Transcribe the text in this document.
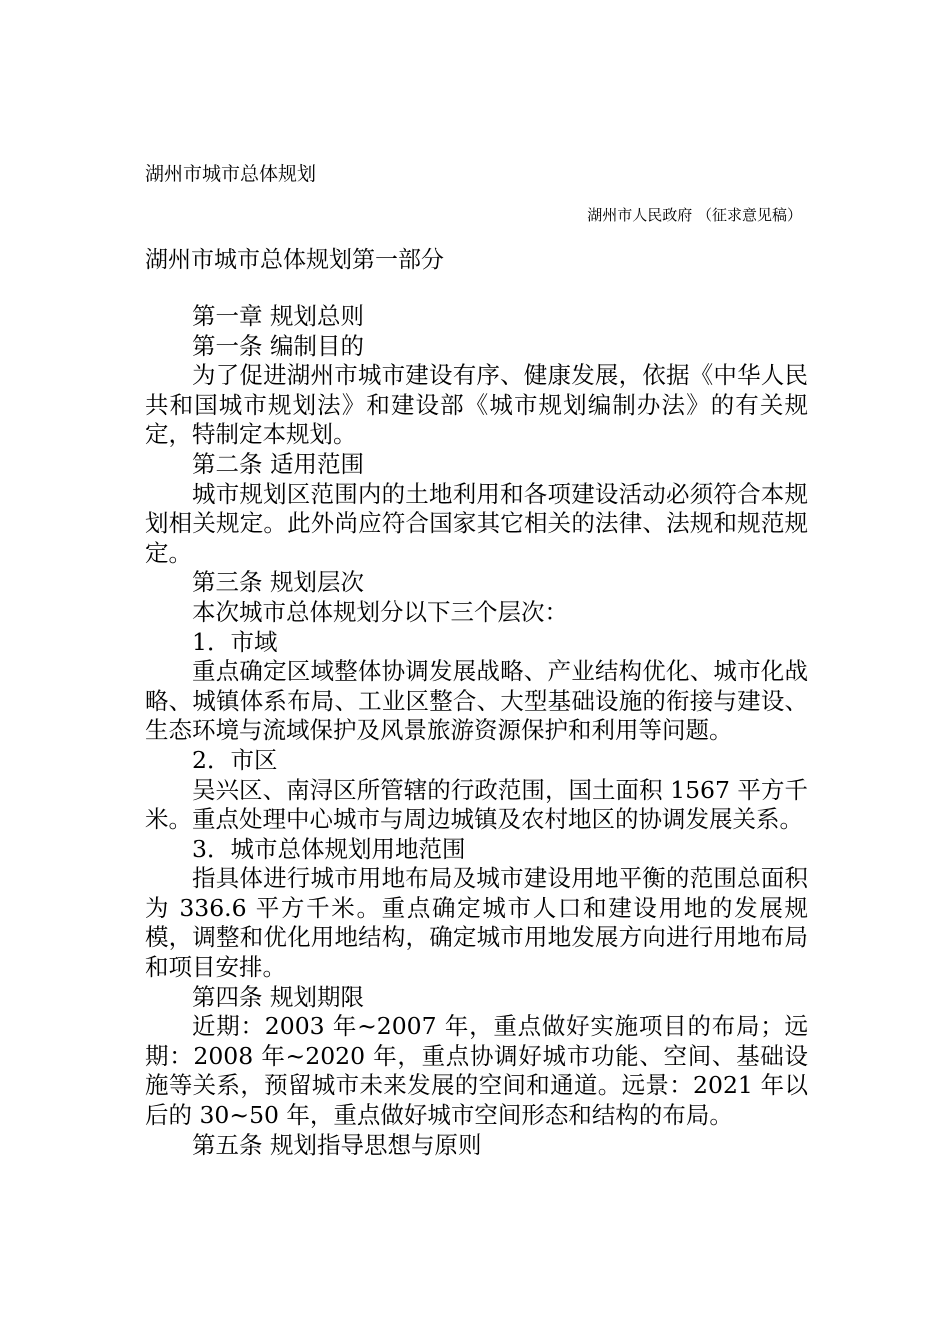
湖州市城市总体规划
湖州市人民政府 （征求意见稿）
湖州市城市总体规划第一部分

第一章 规划总则

第一条 编制目的

为了促进湖州市城市建设有序、健康发展，依据《中华人民共和国城市规划法》和建设部《城市规划编制办法》的有关规定，特制定本规划。

第二条 适用范围

城市规划区范围内的土地利用和各项建设活动必须符合本规划相关规定。此外尚应符合国家其它相关的法律、法规和规范规定。

第三条 规划层次

本次城市总体规划分以下三个层次：

1．市域

重点确定区域整体协调发展战略、产业结构优化、城市化战略、城镇体系布局、工业区整合、大型基础设施的衔接与建设、生态环境与流域保护及风景旅游资源保护和利用等问题。

2．市区

吴兴区、南浔区所管辖的行政范围，国土面积 1567 平方千米。重点处理中心城市与周边城镇及农村地区的协调发展关系。

3．城市总体规划用地范围

指具体进行城市用地布局及城市建设用地平衡的范围总面积为 336.6 平方千米。重点确定城市人口和建设用地的发展规模，调整和优化用地结构，确定城市用地发展方向进行用地布局和项目安排。

第四条 规划期限

近期：2003 年~2007 年，重点做好实施项目的布局；远期：2008 年~2020 年，重点协调好城市功能、空间、基础设施等关系，预留城市未来发展的空间和通道。远景：2021 年以后的 30~50 年，重点做好城市空间形态和结构的布局。

第五条 规划指导思想与原则
